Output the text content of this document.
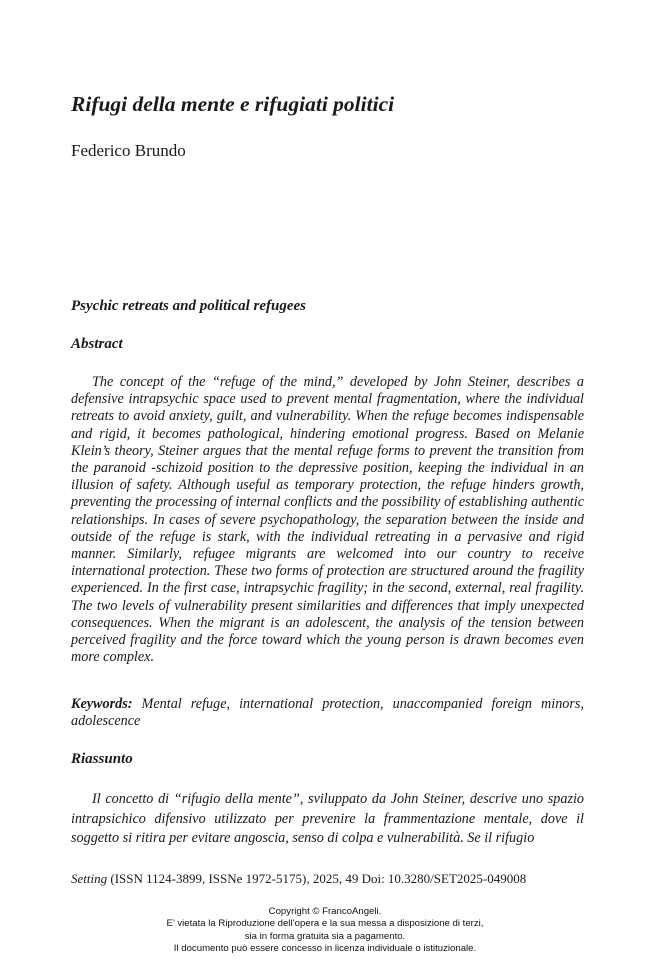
Rifugi della mente e rifugiati politici
Federico Brundo
Psychic retreats and political refugees
Abstract

The concept of the “refuge of the mind,” developed by John Steiner, describes a defensive intrapsychic space used to prevent mental fragmentation, where the individual retreats to avoid anxiety, guilt, and vulnerability. When the refuge becomes indispensable and rigid, it becomes pathological, hindering emotional progress. Based on Melanie Klein’s theory, Steiner argues that the mental refuge forms to prevent the transition from the paranoid -schizoid position to the depressive position, keeping the individual in an illusion of safety. Although useful as temporary protection, the refuge hinders growth, preventing the processing of internal conflicts and the possibility of establishing authentic relationships. In cases of severe psychopathology, the separation between the inside and outside of the refuge is stark, with the individual retreating in a pervasive and rigid manner. Similarly, refugee migrants are welcomed into our country to receive international protection. These two forms of protection are structured around the fragility experienced. In the first case, intrapsychic fragility; in the second, external, real fragility. The two levels of vulnerability present similarities and differences that imply unexpected consequences. When the migrant is an adolescent, the analysis of the tension between perceived fragility and the force toward which the young person is drawn becomes even more complex.

Keywords: Mental refuge, international protection, unaccompanied foreign minors, adolescence

Riassunto

Il concetto di “rifugio della mente”, sviluppato da John Steiner, descrive uno spazio intrapsichico difensivo utilizzato per prevenire la frammentazione mentale, dove il soggetto si ritira per evitare angoscia, senso di colpa e vulnerabilità. Se il rifugio

Setting (ISSN 1124-3899, ISSNe 1972-5175), 2025, 49 Doi: 10.3280/SET2025-049008
Copyright © FrancoAngeli.
E’ vietata la Riproduzione dell’opera e la sua messa a disposizione di terzi,
sia in forma gratuita sia a pagamento.
Il documento può essere concesso in licenza individuale o istituzionale.
